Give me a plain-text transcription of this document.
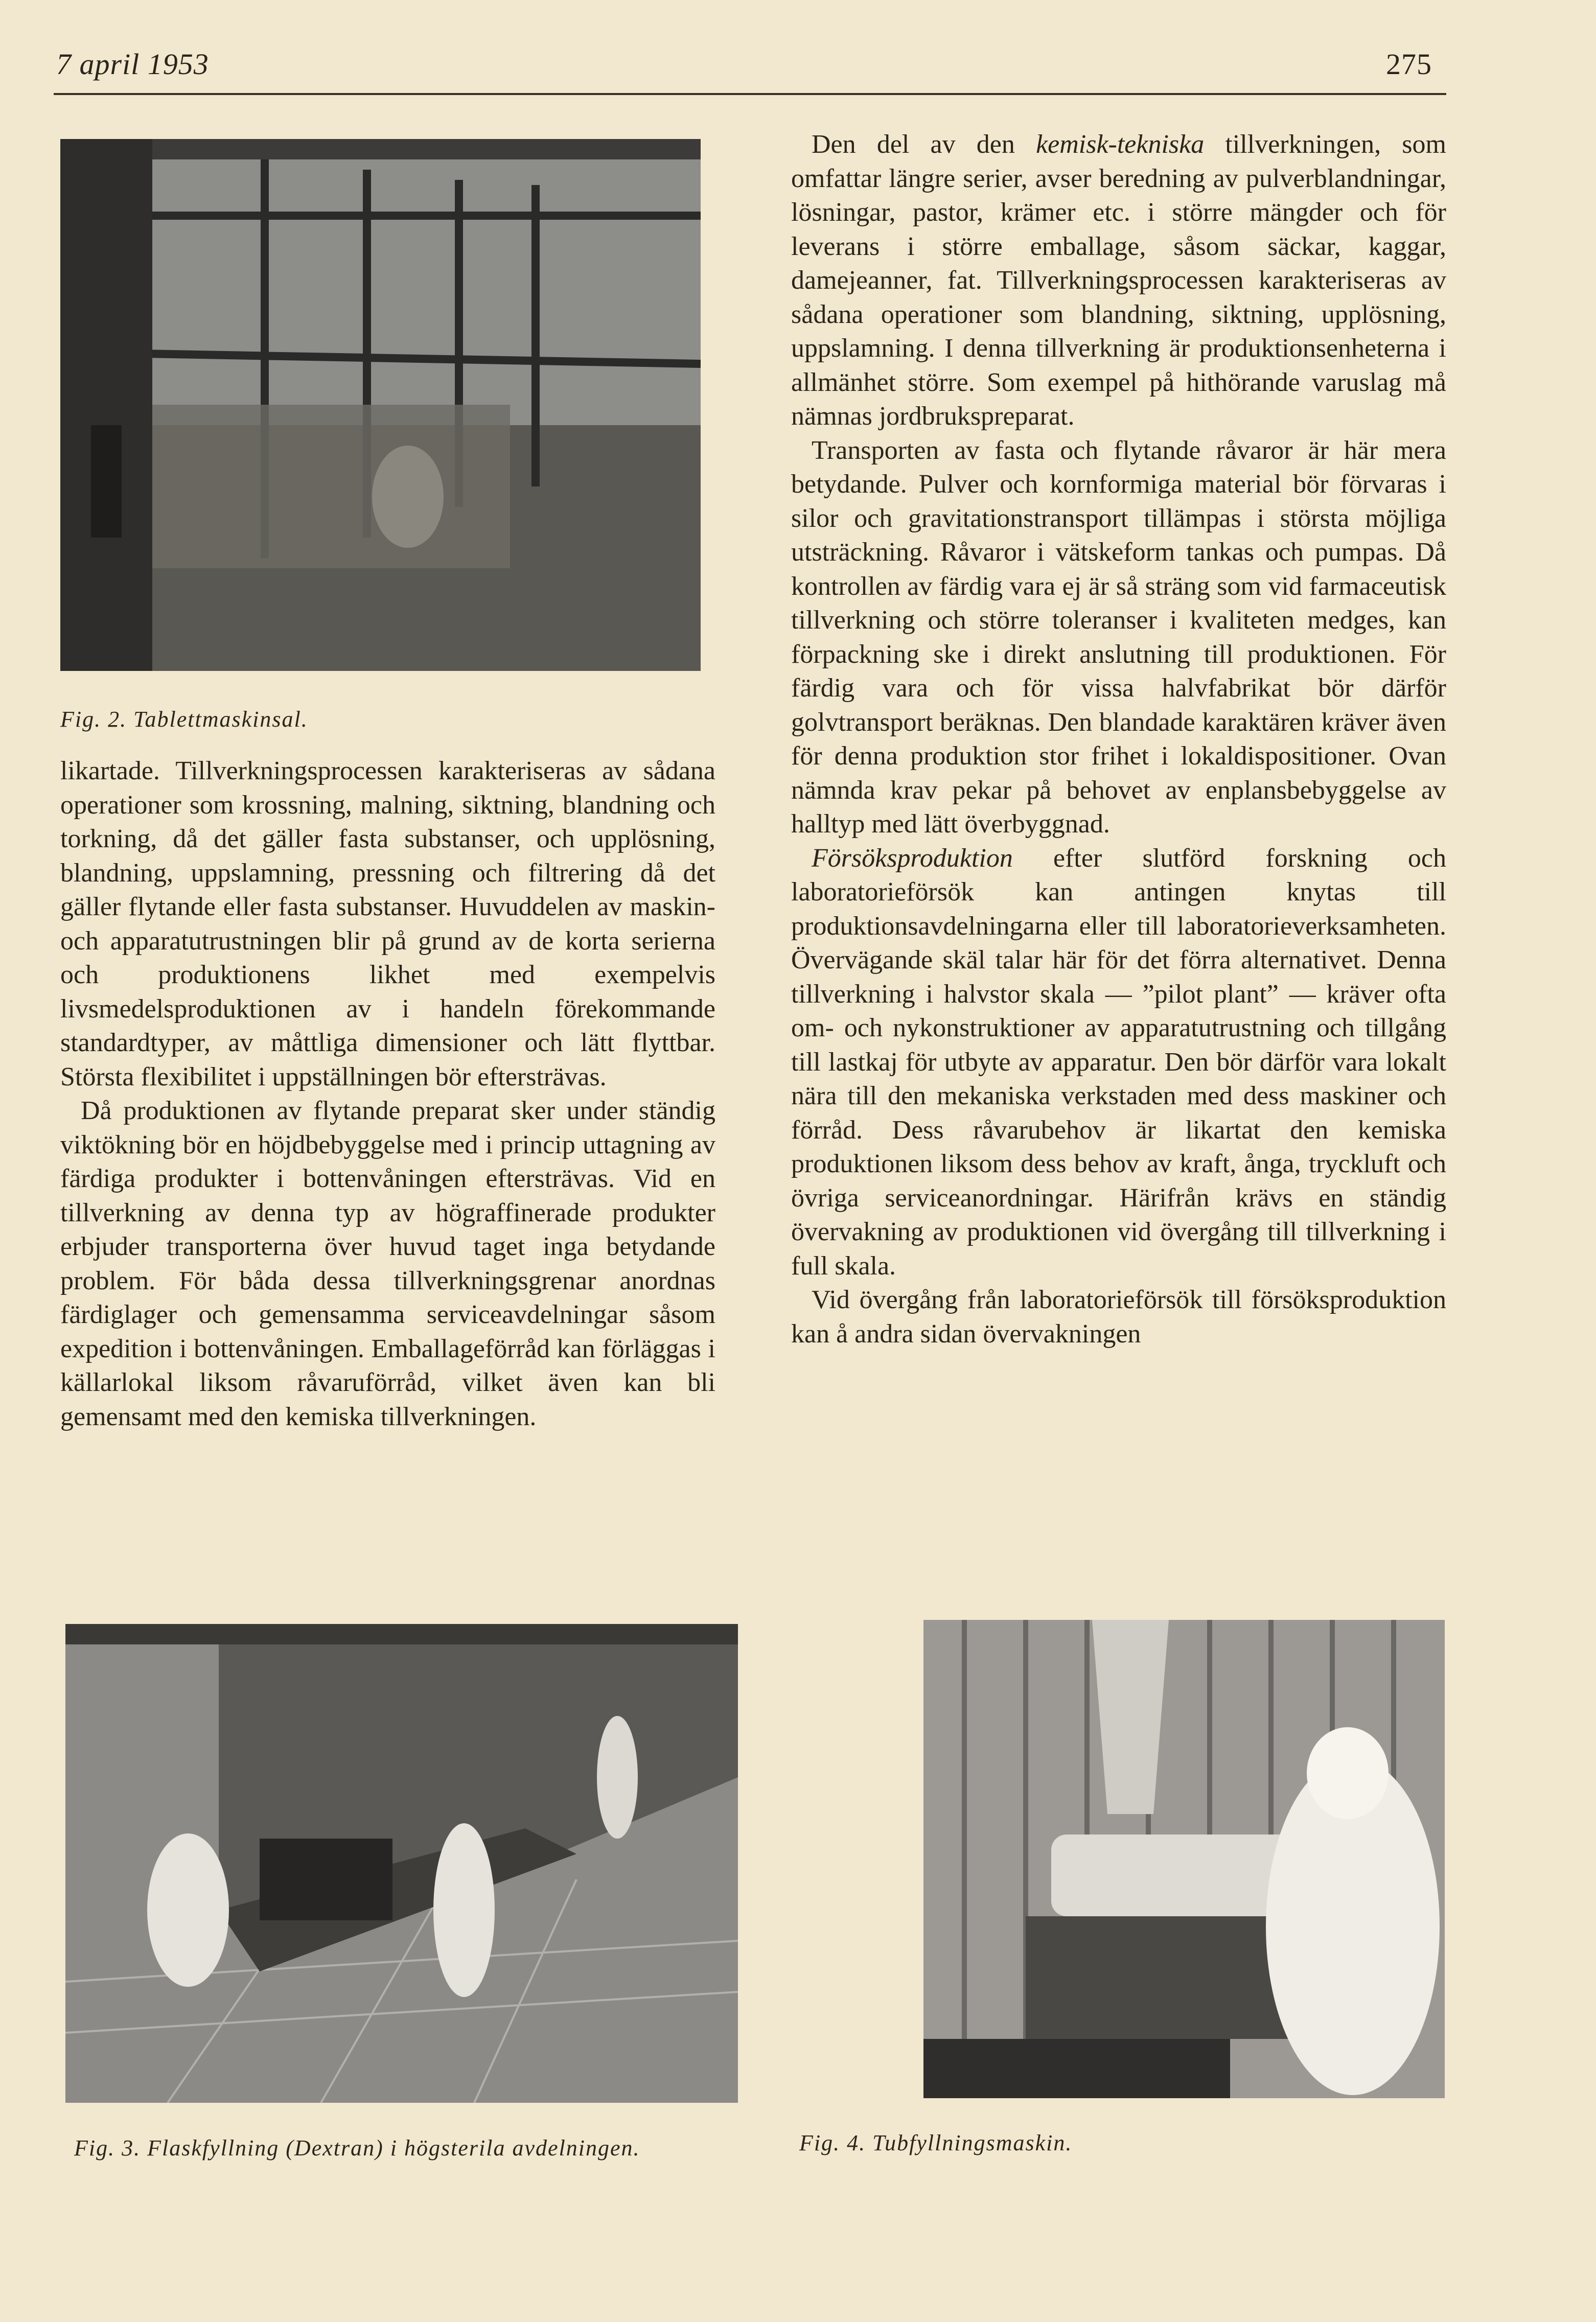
7 april 1953	275
Fig. 2. Tablettmaskinsal.

likartade. Tillverkningsprocessen karakteriseras av sådana operationer som krossning, malning, siktning, blandning och torkning, då det gäller fasta substanser, och upplösning, blandning, uppslamning, pressning och filtrering då det gäller flytande eller fasta substanser. Huvuddelen av maskin- och apparatutrustningen blir på grund av de korta serierna och produktionens likhet med exempelvis livsmedelsproduktionen av i handeln förekommande standardtyper, av måttliga dimensioner och lätt flyttbar. Största flexibilitet i uppställningen bör eftersträvas.

Då produktionen av flytande preparat sker under ständig viktökning bör en höjdbebyggelse med i princip uttagning av färdiga produkter i bottenvåningen eftersträvas. Vid en tillverkning av denna typ av högraffinerade produkter erbjuder transporterna över huvud taget inga betydande problem. För båda dessa tillverkningsgrenar anordnas färdiglager och gemensamma serviceavdelningar såsom expedition i bottenvåningen. Emballageförråd kan förläggas i källarlokal liksom råvaruförråd, vilket även kan bli gemensamt med den kemiska tillverkningen.

Den del av den kemisk-tekniska tillverkningen, som omfattar längre serier, avser beredning av pulverblandningar, lösningar, pastor, krämer etc. i större mängder och för leverans i större emballage, såsom säckar, kaggar, damejeanner, fat. Tillverkningsprocessen karakteriseras av sådana operationer som blandning, siktning, upplösning, uppslamning. I denna tillverkning är produktionsenheterna i allmänhet större. Som exempel på hithörande varuslag må nämnas jordbrukspreparat.

Transporten av fasta och flytande råvaror är här mera betydande. Pulver och kornformiga material bör förvaras i silor och gravitationstransport tillämpas i största möjliga utsträckning. Råvaror i vätskeform tankas och pumpas. Då kontrollen av färdig vara ej är så sträng som vid farmaceutisk tillverkning och större toleranser i kvaliteten medges, kan förpackning ske i direkt anslutning till produktionen. För färdig vara och för vissa halvfabrikat bör därför golvtransport beräknas. Den blandade karaktären kräver även för denna produktion stor frihet i lokaldispositioner. Ovan nämnda krav pekar på behovet av enplansbebyggelse av halltyp med lätt överbyggnad.

Försöksproduktion efter slutförd forskning och laboratorieförsök kan antingen knytas till produktionsavdelningarna eller till laboratorieverksamheten. Övervägande skäl talar här för det förra alternativet. Denna tillverkning i halvstor skala — ”pilot plant” — kräver ofta om- och nykonstruktioner av apparatutrustning och tillgång till lastkaj för utbyte av apparatur. Den bör därför vara lokalt nära till den mekaniska verkstaden med dess maskiner och förråd. Dess råvarubehov är likartat den kemiska produktionen liksom dess behov av kraft, ånga, tryckluft och övriga serviceanordningar. Härifrån krävs en ständig övervakning av produktionen vid övergång till tillverkning i full skala.

Vid övergång från laboratorieförsök till försöksproduktion kan å andra sidan övervakningen

Fig. 3. Flaskfyllning (Dextran) i högsterila avdelningen.	Fig. 4. Tubfyllningsmaskin.
